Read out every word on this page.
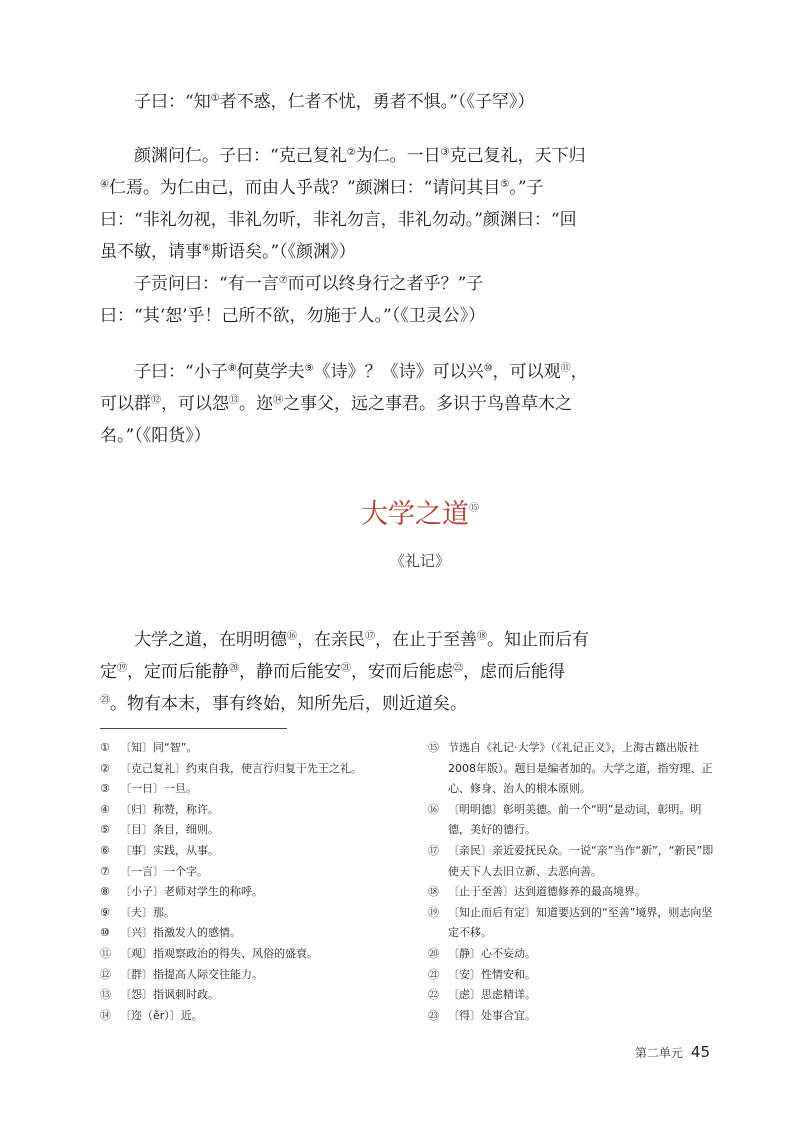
子曰：“知①者不惑，仁者不忧，勇者不惧。”（《子罕》）

颜渊问仁。子曰：“克己复礼②为仁。一日③克己复礼，天下归④仁焉。为仁由己，而由人乎哉？”颜渊曰：“请问其目⑤。”子曰：“非礼勿视，非礼勿听，非礼勿言，非礼勿动。”颜渊曰：“回虽不敏，请事⑥斯语矣。”（《颜渊》）

子贡问曰：“有一言⑦而可以终身行之者乎？”子曰：“其‘恕’乎！己所不欲，勿施于人。”（《卫灵公》）

子曰：“小子⑧何莫学夫⑨《诗》？《诗》可以兴⑩，可以观⑪，可以群⑫，可以怨⑬。迩⑭之事父，远之事君。多识于鸟兽草木之名。”（《阳货》）

大学之道⑮
《礼记》

大学之道，在明明德⑯，在亲民⑰，在止于至善⑱。知止而后有定⑲，定而后能静⑳，静而后能安$^㉑$，安而后能虑$^㉒$，虑而后能得$^㉓$。物有本末，事有终始，知所先后，则近道矣。

① 〔知〕同“智”。
② 〔克己复礼〕约束自我，使言行归复于先王之礼。
③ 〔一日〕一旦。
④ 〔归〕称赞，称许。
⑤ 〔目〕条目，细则。
⑥ 〔事〕实践，从事。
⑦ 〔一言〕一个字。
⑧ 〔小子〕老师对学生的称呼。
⑨ 〔夫〕那。
⑩ 〔兴〕指激发人的感情。
⑪ 〔观〕指观察政治的得失、风俗的盛衰。
⑫ 〔群〕指提高人际交往能力。
⑬ 〔怨〕指讽刺时政。
⑭ 〔迩（ěr）〕近。
⑮ 节选自《礼记·大学》（《礼记正义》，上海古籍出版社2008年版）。题目是编者加的。大学之道，指穷理、正心、修身、治人的根本原则。
⑯ 〔明明德〕彰明美德。前一个“明”是动词，彰明。明德，美好的德行。
⑰ 〔亲民〕亲近爱抚民众。一说“亲”当作“新”，“新民”即使天下人去旧立新、去恶向善。
⑱ 〔止于至善〕达到道德修养的最高境界。
⑲ 〔知止而后有定〕知道要达到的“至善”境界，则志向坚定不移。
⑳ 〔静〕心不妄动。
㉑ 〔安〕性情安和。
㉒ 〔虑〕思虑精详。
㉓ 〔得〕处事合宜。
第二单元 45
